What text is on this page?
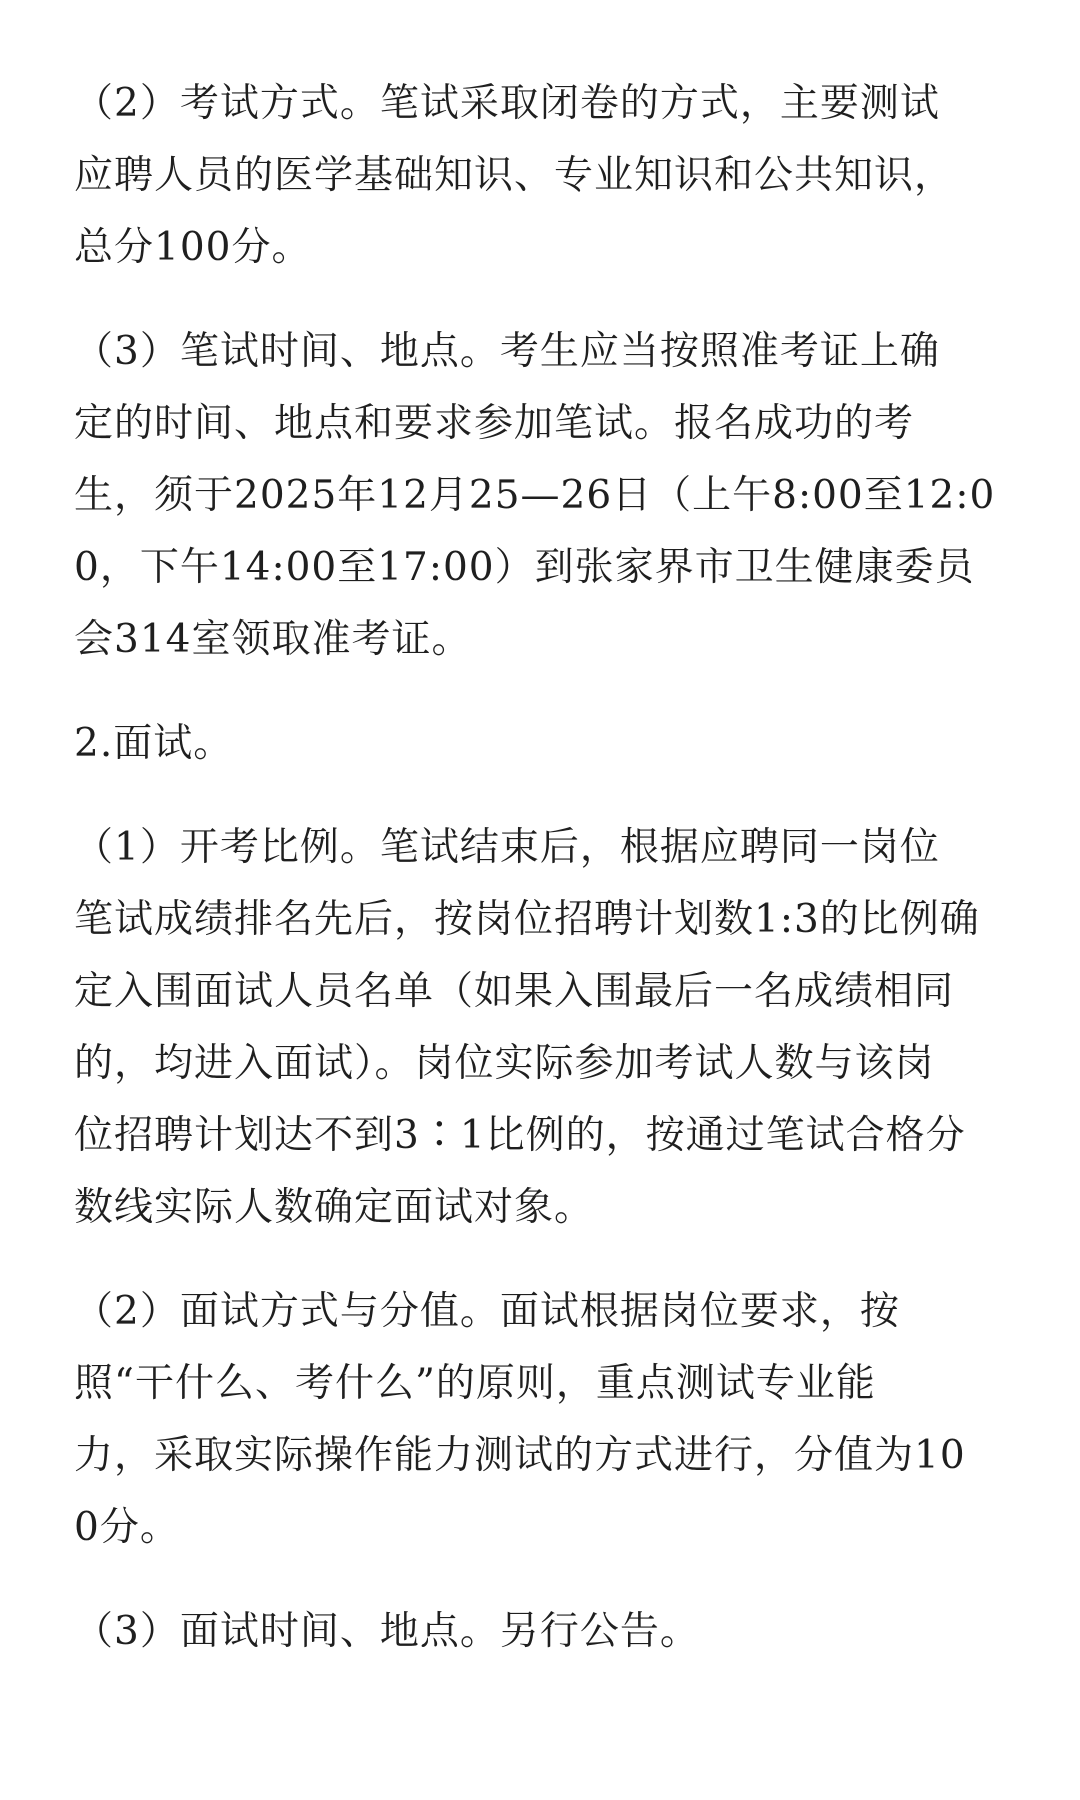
（2）考试方式。笔试采取闭卷的方式，主要测试
应聘人员的医学基础知识、专业知识和公共知识，
总分100分。
（3）笔试时间、地点。考生应当按照准考证上确
定的时间、地点和要求参加笔试。报名成功的考
生，须于2025年12月25—26日（上午8:00至12:0
0，下午14:00至17:00）到张家界市卫生健康委员
会314室领取准考证。
2.面试。
（1）开考比例。笔试结束后，根据应聘同一岗位
笔试成绩排名先后，按岗位招聘计划数1:3的比例确
定入围面试人员名单（如果入围最后一名成绩相同
的，均进入面试）。岗位实际参加考试人数与该岗
位招聘计划达不到3∶1比例的，按通过笔试合格分
数线实际人数确定面试对象。
（2）面试方式与分值。面试根据岗位要求，按
照“干什么、考什么”的原则，重点测试专业能
力，采取实际操作能力测试的方式进行，分值为10
0分。
（3）面试时间、地点。另行公告。
